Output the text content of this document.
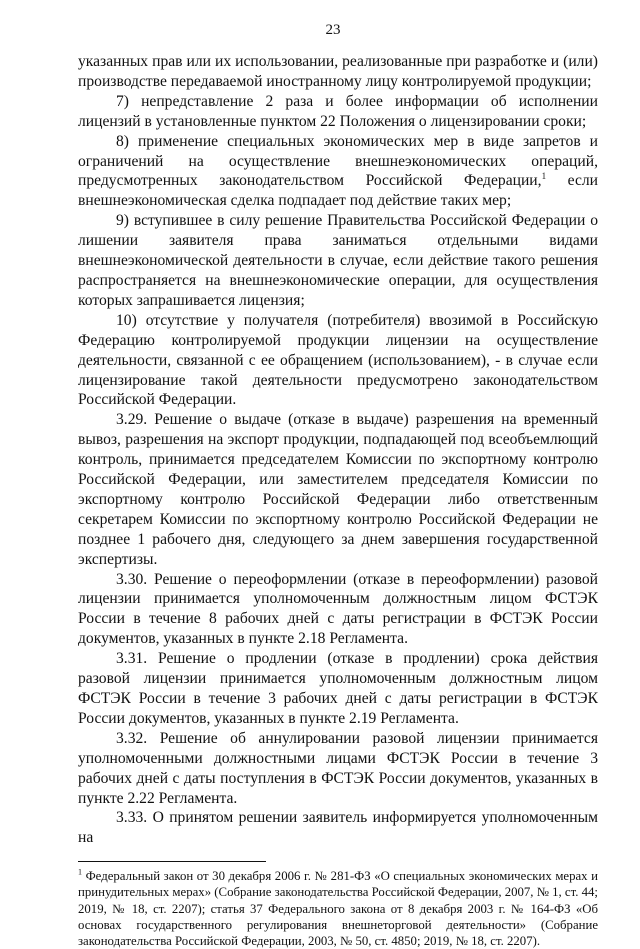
23

указанных прав или их использовании, реализованные при разработке и (или) производстве передаваемой иностранному лицу контролируемой продукции;

7) непредставление 2 раза и более информации об исполнении лицензий в установленные пунктом 22 Положения о лицензировании сроки;

8) применение специальных экономических мер в виде запретов и ограничений на осуществление внешнеэкономических операций, предусмотренных законодательством Российской Федерации,$^1$ если внешнеэкономическая сделка подпадает под действие таких мер;

9) вступившее в силу решение Правительства Российской Федерации о лишении заявителя права заниматься отдельными видами внешнеэкономической деятельности в случае, если действие такого решения распространяется на внешнеэкономические операции, для осуществления которых запрашивается лицензия;

10) отсутствие у получателя (потребителя) ввозимой в Российскую Федерацию контролируемой продукции лицензии на осуществление деятельности, связанной с ее обращением (использованием), - в случае если лицензирование такой деятельности предусмотрено законодательством Российской Федерации.

3.29. Решение о выдаче (отказе в выдаче) разрешения на временный вывоз, разрешения на экспорт продукции, подпадающей под всеобъемлющий контроль, принимается председателем Комиссии по экспортному контролю Российской Федерации, или заместителем председателя Комиссии по экспортному контролю Российской Федерации либо ответственным секретарем Комиссии по экспортному контролю Российской Федерации не позднее 1 рабочего дня, следующего за днем завершения государственной экспертизы.

3.30. Решение о переоформлении (отказе в переоформлении) разовой лицензии принимается уполномоченным должностным лицом ФСТЭК России в течение 8 рабочих дней с даты регистрации в ФСТЭК России документов, указанных в пункте 2.18 Регламента.

3.31. Решение о продлении (отказе в продлении) срока действия разовой лицензии принимается уполномоченным должностным лицом ФСТЭК России в течение 3 рабочих дней с даты регистрации в ФСТЭК России документов, указанных в пункте 2.19 Регламента.

3.32. Решение об аннулировании разовой лицензии принимается уполномоченными должностными лицами ФСТЭК России в течение 3 рабочих дней с даты поступления в ФСТЭК России документов, указанных в пункте 2.22 Регламента.

3.33. О принятом решении заявитель информируется уполномоченным на

$^1$ Федеральный закон от 30 декабря 2006 г. № 281-ФЗ «О специальных экономических мерах и принудительных мерах» (Собрание законодательства Российской Федерации, 2007, № 1, ст. 44; 2019, № 18, ст. 2207); статья 37 Федерального закона от 8 декабря 2003 г. № 164-ФЗ «Об основах государственного регулирования внешнеторговой деятельности» (Собрание законодательства Российской Федерации, 2003, № 50, ст. 4850; 2019, № 18, ст. 2207).
